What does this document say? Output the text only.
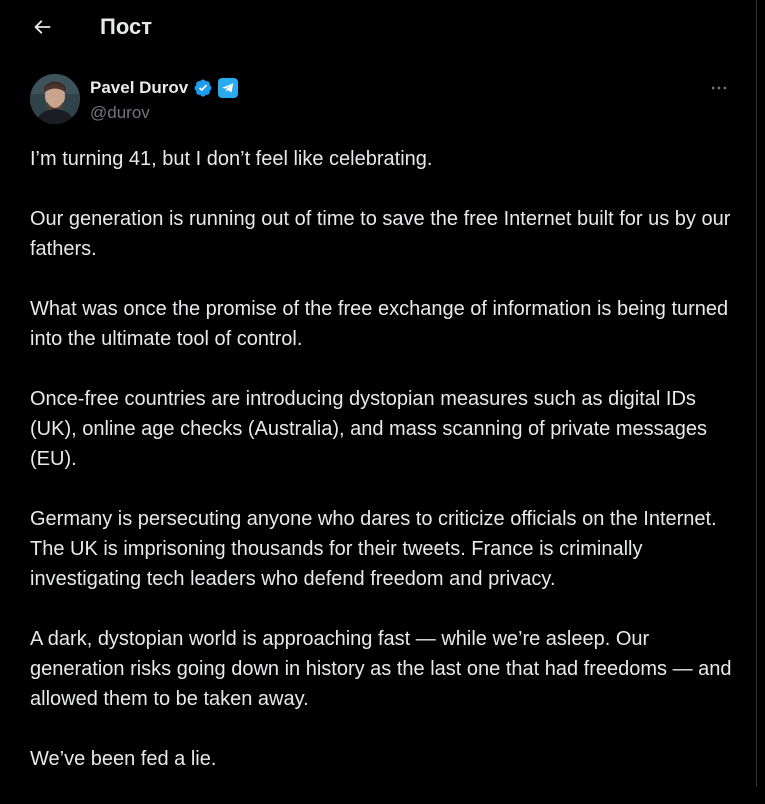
Пост
Pavel Durov
@durov

I’m turning 41, but I don’t feel like celebrating.

Our generation is running out of time to save the free Internet built for us by our fathers.

What was once the promise of the free exchange of information is being turned into the ultimate tool of control.

Once-free countries are introducing dystopian measures such as digital IDs (UK), online age checks (Australia), and mass scanning of private messages (EU).

Germany is persecuting anyone who dares to criticize officials on the Internet. The UK is imprisoning thousands for their tweets. France is criminally investigating tech leaders who defend freedom and privacy.

A dark, dystopian world is approaching fast — while we’re asleep. Our generation risks going down in history as the last one that had freedoms — and allowed them to be taken away.

We’ve been fed a lie.
